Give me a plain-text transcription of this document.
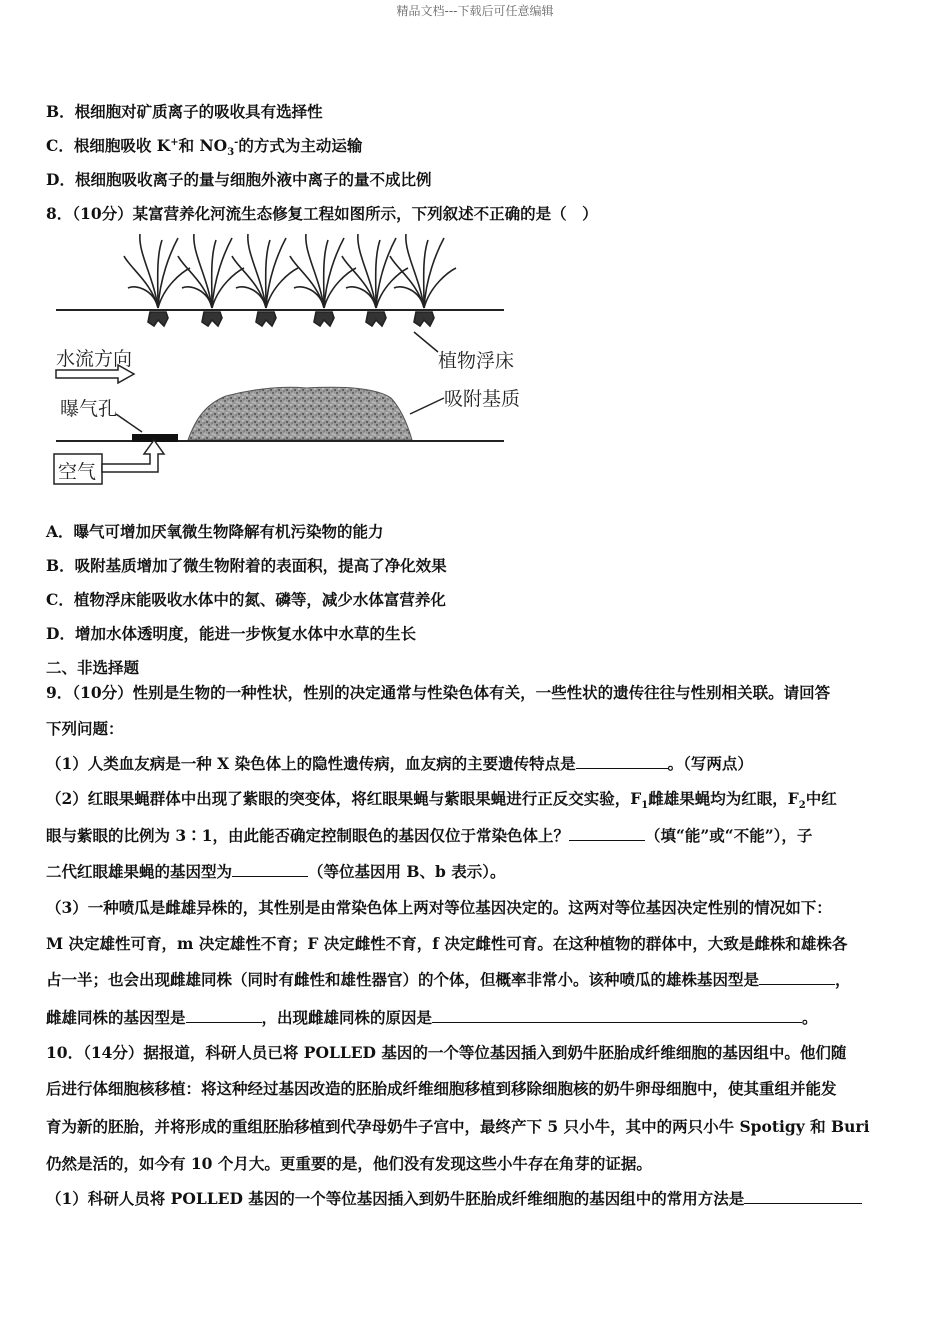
精品文档---下载后可任意编辑
B．根细胞对矿质离子的吸收具有选择性
C．根细胞吸收 K+和 $NO_3^-$的方式为主动运输
D．根细胞吸收离子的量与细胞外液中离子的量不成比例
8．（10分）某富营养化河流生态修复工程如图所示，下列叙述不正确的是（　）
水流方向
曝气孔
空气
植物浮床
吸附基质
A．曝气可增加厌氧微生物降解有机污染物的能力
B．吸附基质增加了微生物附着的表面积，提高了净化效果
C．植物浮床能吸收水体中的氮、磷等，减少水体富营养化
D．增加水体透明度，能进一步恢复水体中水草的生长
二、非选择题
9．（10分）性别是生物的一种性状，性别的决定通常与性染色体有关，一些性状的遗传往往与性别相关联。请回答
下列问题：
（1）人类血友病是一种 X 染色体上的隐性遗传病，血友病的主要遗传特点是	。（写两点）
（2）红眼果蝇群体中出现了紫眼的突变体，将红眼果蝇与紫眼果蝇进行正反交实验，$F_1$雌雄果蝇均为红眼，$F_2$中红
眼与紫眼的比例为 3∶1，由此能否确定控制眼色的基因仅位于常染色体上？	（填“能”或“不能”），子
二代红眼雄果蝇的基因型为	（等位基因用 B、b 表示）。
（3）一种喷瓜是雌雄异株的，其性别是由常染色体上两对等位基因决定的。这两对等位基因决定性别的情况如下：
M 决定雄性可育，m 决定雄性不育；F 决定雌性不育，f 决定雌性可育。在这种植物的群体中，大致是雌株和雄株各
占一半；也会出现雌雄同株（同时有雌性和雄性器官）的个体，但概率非常小。该种喷瓜的雄株基因型是	，
雌雄同株的基因型是	，出现雌雄同株的原因是	。
10．（14分）据报道，科研人员已将 POLLED 基因的一个等位基因插入到奶牛胚胎成纤维细胞的基因组中。他们随
后进行体细胞核移植：将这种经过基因改造的胚胎成纤维细胞移植到移除细胞核的奶牛卵母细胞中，使其重组并能发
育为新的胚胎，并将形成的重组胚胎移植到代孕母奶牛子宫中，最终产下 5 只小牛，其中的两只小牛 Spotigy 和 Buri
仍然是活的，如今有 10 个月大。更重要的是，他们没有发现这些小牛存在角芽的证据。
（1）科研人员将 POLLED 基因的一个等位基因插入到奶牛胚胎成纤维细胞的基因组中的常用方法是
